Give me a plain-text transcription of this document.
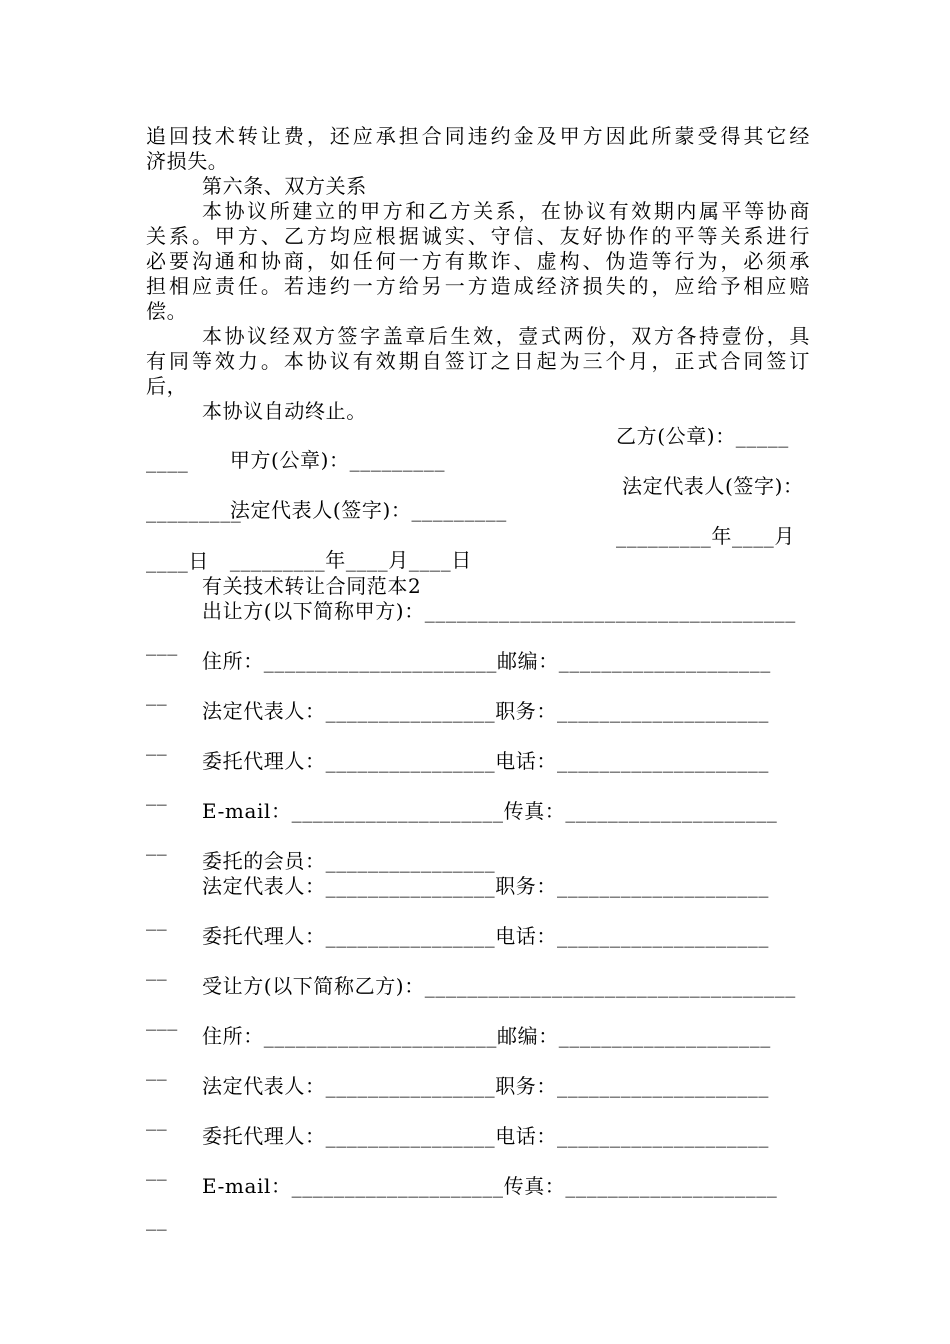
追回技术转让费，还应承担合同违约金及甲方因此所蒙受得其它经
济损失。
第六条、双方关系
本协议所建立的甲方和乙方关系，在协议有效期内属平等协商
关系。甲方、乙方均应根据诚实、守信、友好协作的平等关系进行
必要沟通和协商，如任何一方有欺诈、虚构、伪造等行为，必须承
担相应责任。若违约一方给另一方造成经济损失的，应给予相应赔
偿。
本协议经双方签字盖章后生效，壹式两份，双方各持壹份，具
有同等效力。本协议有效期自签订之日起为三个月，正式合同签订
后，
本协议自动终止。

甲方(公章)：_________

乙方(公章)：_____

____

法定代表人(签字)：_________

法定代表人(签字)：

_________

_________年____月____日

_________年____月

____日
有关技术转让合同范本2
出让方(以下简称甲方)：___________________________________
___
住所：______________________邮编：____________________
__
法定代表人：________________职务：____________________
__
委托代理人：________________电话：____________________
__
E-mail：____________________传真：____________________
__
委托的会员：________________
法定代表人：________________职务：____________________
__
委托代理人：________________电话：____________________
__
受让方(以下简称乙方)：___________________________________
___
住所：______________________邮编：____________________
__
法定代表人：________________职务：____________________
__
委托代理人：________________电话：____________________
__
E-mail：____________________传真：____________________
__
